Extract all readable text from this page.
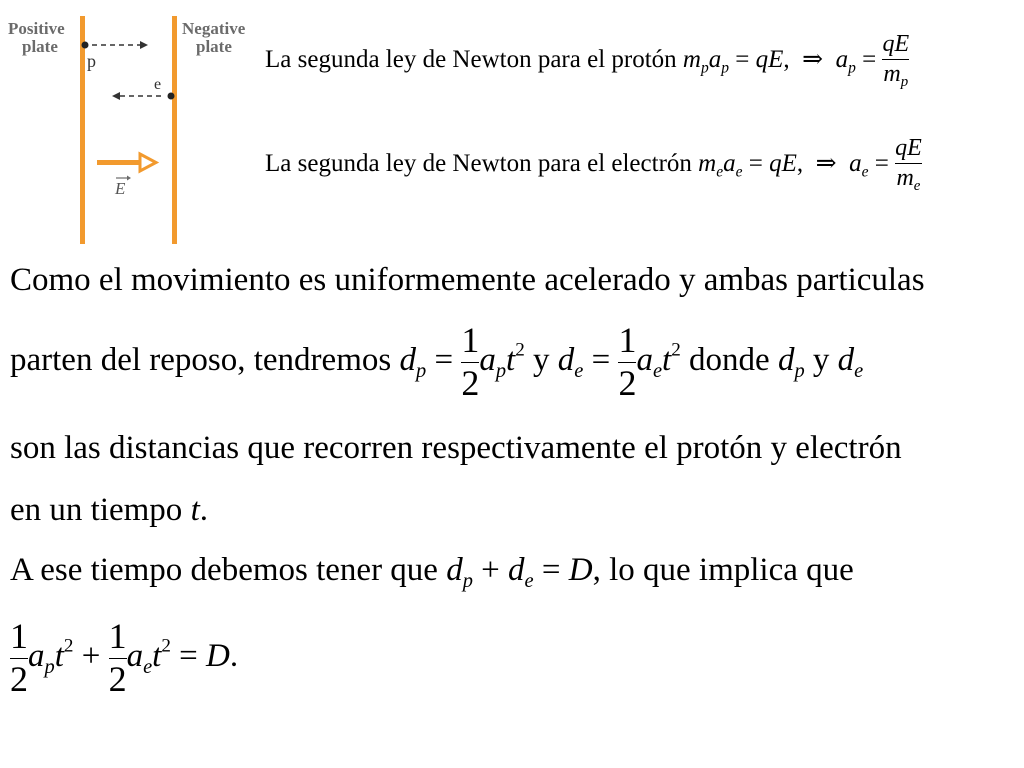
Positive
plate
Negative
plate
p
e
E
La segunda ley de Newton para el protón $m_pa_p$ = qE,  ⇒  $a_p = \frac{qE}{m_p}$
La segunda ley de Newton para el electrón $m_ea_e$ = qE,  ⇒  $a_e = \frac{qE}{m_e}$
Como el movimiento es uniformemente acelerado y ambas particulas
parten del reposo, tendremos $d_p = \frac{1}{2} a_pt^2$ y $d_e = \frac{1}{2} a_et^2$ donde $d_p$ y $d_e$
son las distancias que recorren respectivamente el protón y electrón
en un tiempo t.
A ese tiempo debemos tener que $d_p + d_e = D$, lo que implica que
$\frac{1}{2} a_pt^2 + \frac{1}{2} a_et^2 = D$.
